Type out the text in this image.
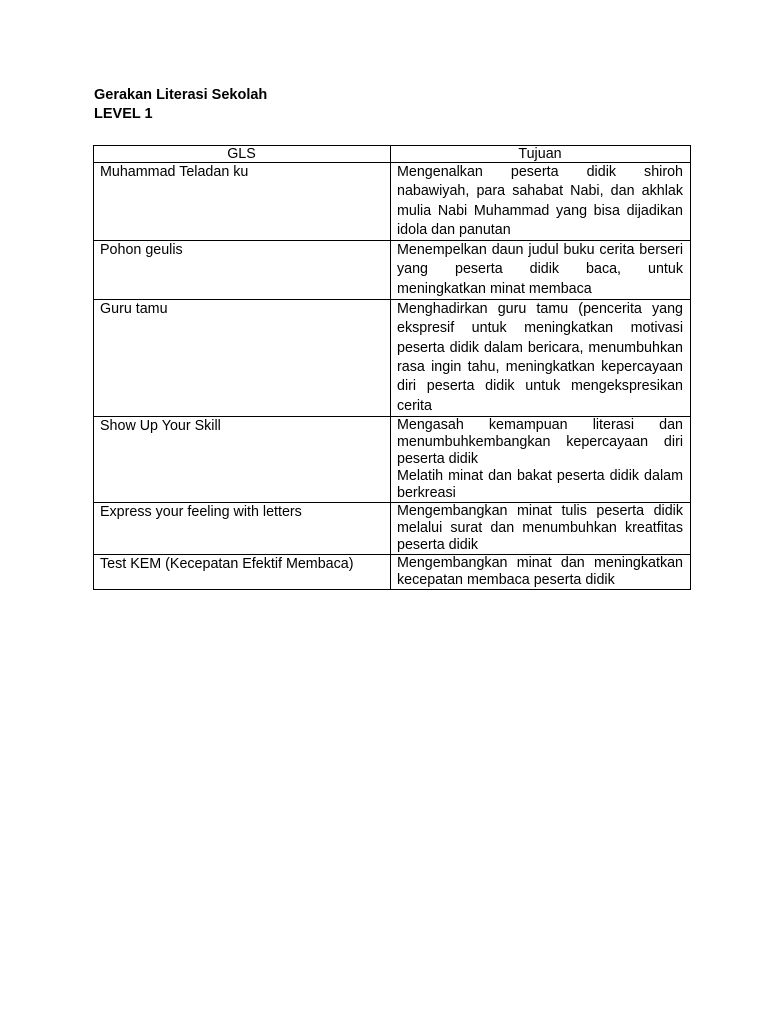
Gerakan Literasi Sekolah
LEVEL 1
GLS	Tujuan
Muhammad Teladan ku	Mengenalkan peserta didik shiroh nabawiyah, para sahabat Nabi, dan akhlak mulia Nabi Muhammad yang bisa dijadikan idola dan panutan

Pohon geulis	Menempelkan daun judul buku cerita berseri yang peserta didik baca, untuk meningkatkan minat membaca

Guru tamu	Menghadirkan guru tamu (pencerita yang ekspresif untuk meningkatkan motivasi peserta didik dalam bericara, menumbuhkan rasa ingin tahu, meningkatkan kepercayaan diri peserta didik untuk mengekspresikan cerita

Show Up Your Skill	Mengasah kemampuan literasi dan menumbuhkembangkan kepercayaan diri peserta didik

Melatih minat dan bakat peserta didik dalam berkreasi

Express your feeling with letters	Mengembangkan minat tulis peserta didik melalui surat dan menumbuhkan kreatfitas peserta didik

Test KEM (Kecepatan Efektif Membaca)	Mengembangkan minat dan meningkatkan kecepatan membaca peserta didik
